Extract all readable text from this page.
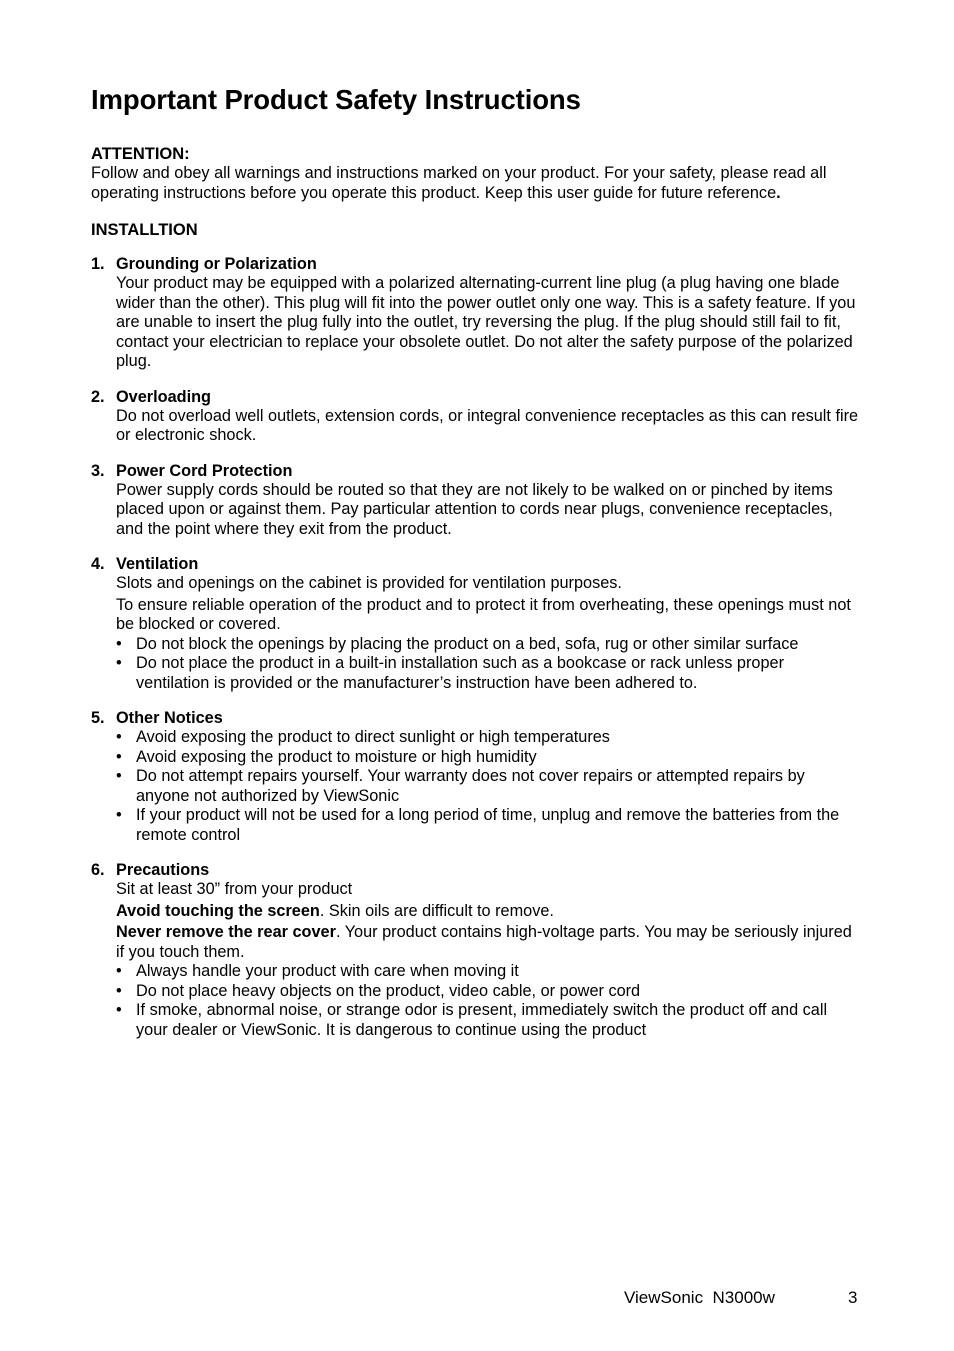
Important Product Safety Instructions
ATTENTION:

Follow and obey all warnings and instructions marked on your product. For your safety, please read all operating instructions before you operate this product. Keep this user guide for future reference.

INSTALLTION
1. Grounding or Polarization

Your product may be equipped with a polarized alternating-current line plug (a plug having one blade wider than the other). This plug will fit into the power outlet only one way. This is a safety feature. If you are unable to insert the plug fully into the outlet, try reversing the plug. If the plug should still fail to fit, contact your electrician to replace your obsolete outlet. Do not alter the safety purpose of the polarized plug.

2. Overloading

Do not overload well outlets, extension cords, or integral convenience receptacles as this can result fire or electronic shock.

3. Power Cord Protection

Power supply cords should be routed so that they are not likely to be walked on or pinched by items placed upon or against them. Pay particular attention to cords near plugs, convenience receptacles, and the point where they exit from the product.

4. Ventilation

Slots and openings on the cabinet is provided for ventilation purposes.

To ensure reliable operation of the product and to protect it from overheating, these openings must not be blocked or covered.

• Do not block the openings by placing the product on a bed, sofa, rug or other similar surface
• Do not place the product in a built-in installation such as a bookcase or rack unless proper ventilation is provided or the manufacturer’s instruction have been adhered to.
5. Other Notices
• Avoid exposing the product to direct sunlight or high temperatures
• Avoid exposing the product to moisture or high humidity
• Do not attempt repairs yourself. Your warranty does not cover repairs or attempted repairs by anyone not authorized by ViewSonic
• If your product will not be used for a long period of time, unplug and remove the batteries from the remote control
6. Precautions

Sit at least 30” from your product

Avoid touching the screen. Skin oils are difficult to remove.

Never remove the rear cover. Your product contains high-voltage parts. You may be seriously injured if you touch them.

• Always handle your product with care when moving it
• Do not place heavy objects on the product, video cable, or power cord
• If smoke, abnormal noise, or strange odor is present, immediately switch the product off and call your dealer or ViewSonic. It is dangerous to continue using the product
ViewSonic  N3000w	3
